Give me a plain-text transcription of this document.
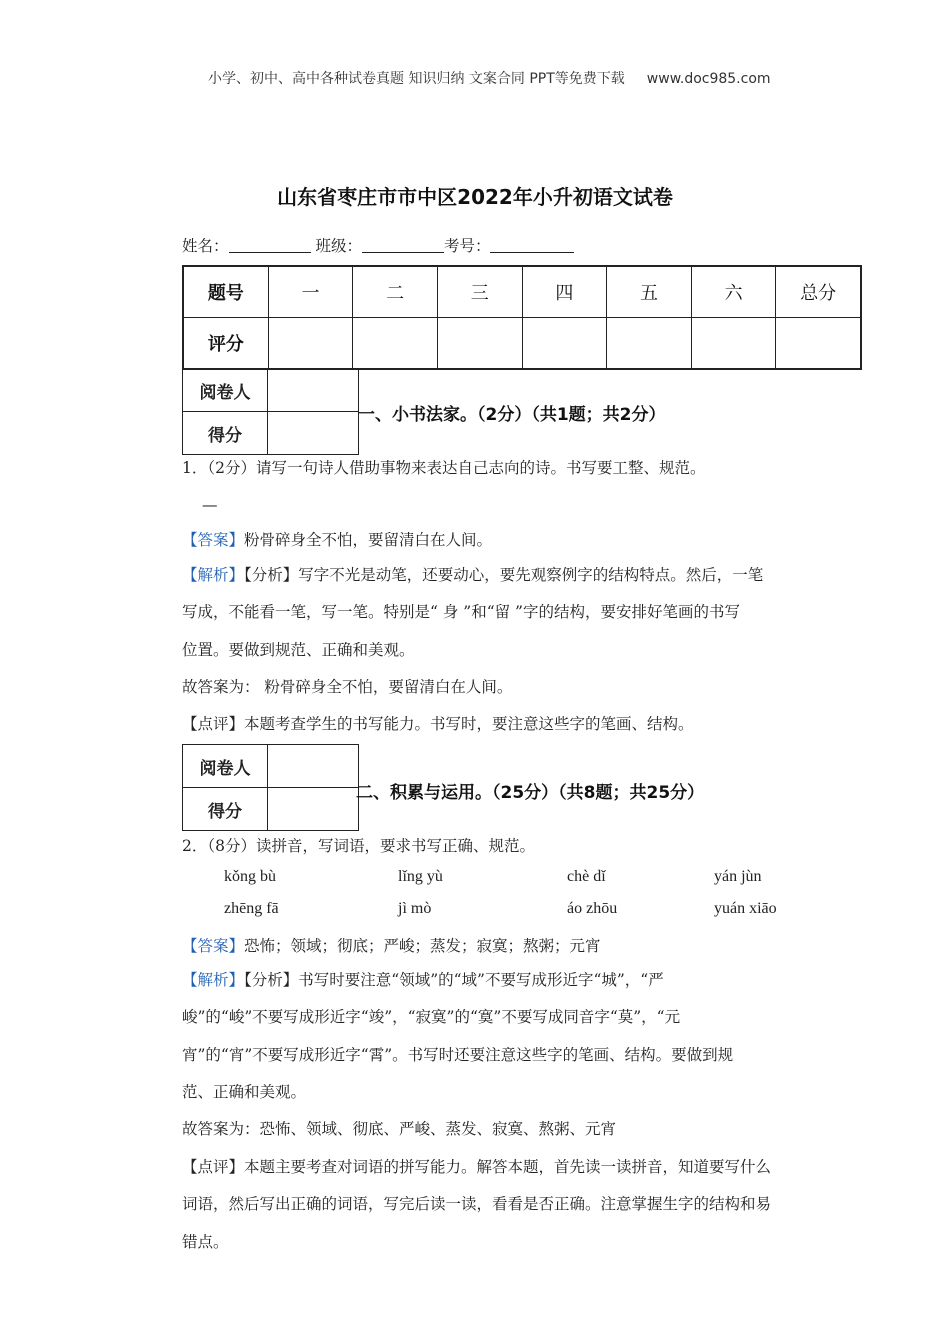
小学、初中、高中各种试卷真题 知识归纳 文案合同 PPT等免费下载 www.doc985.com
山东省枣庄市市中区2022年小升初语文试卷
姓名：	班级：	考号：
题号	一	二	三	四	五	六	总分
评分							
阅卷人	
得分	
一、小书法家。（2分）（共1题；共2分）
1．（2分）请写一句诗人借助事物来表达自己志向的诗。书写要工整、规范。
—
【答案】粉骨碎身全不怕，要留清白在人间。
【解析】【分析】写字不光是动笔，还要动心，要先观察例字的结构特点。然后，一笔
写成，不能看一笔，写一笔。特别是“ 身 ”和“留 ”字的结构，要安排好笔画的书写
位置。要做到规范、正确和美观。
故答案为： 粉骨碎身全不怕，要留清白在人间。
【点评】本题考查学生的书写能力。书写时，要注意这些字的笔画、结构。
阅卷人	
得分	
二、积累与运用。（25分）（共8题；共25分）
2．（8分）读拼音，写词语，要求书写正确、规范。
kǒng bù	lǐng yù	chè dǐ	yán jùn
zhēng fā	jì mò	áo zhōu	yuán xiāo
【答案】恐怖；领域；彻底；严峻；蒸发；寂寞；熬粥；元宵
【解析】【分析】书写时要注意“领域”的“域”不要写成形近字“城”，“严
峻”的“峻”不要写成形近字“竣”，“寂寞”的“寞”不要写成同音字“莫”，“元
宵”的“宵”不要写成形近字“霄”。书写时还要注意这些字的笔画、结构。要做到规
范、正确和美观。
故答案为：恐怖、领域、彻底、严峻、蒸发、寂寞、熬粥、元宵
【点评】本题主要考查对词语的拼写能力。解答本题，首先读一读拼音，知道要写什么
词语，然后写出正确的词语，写完后读一读，看看是否正确。注意掌握生字的结构和易
错点。
